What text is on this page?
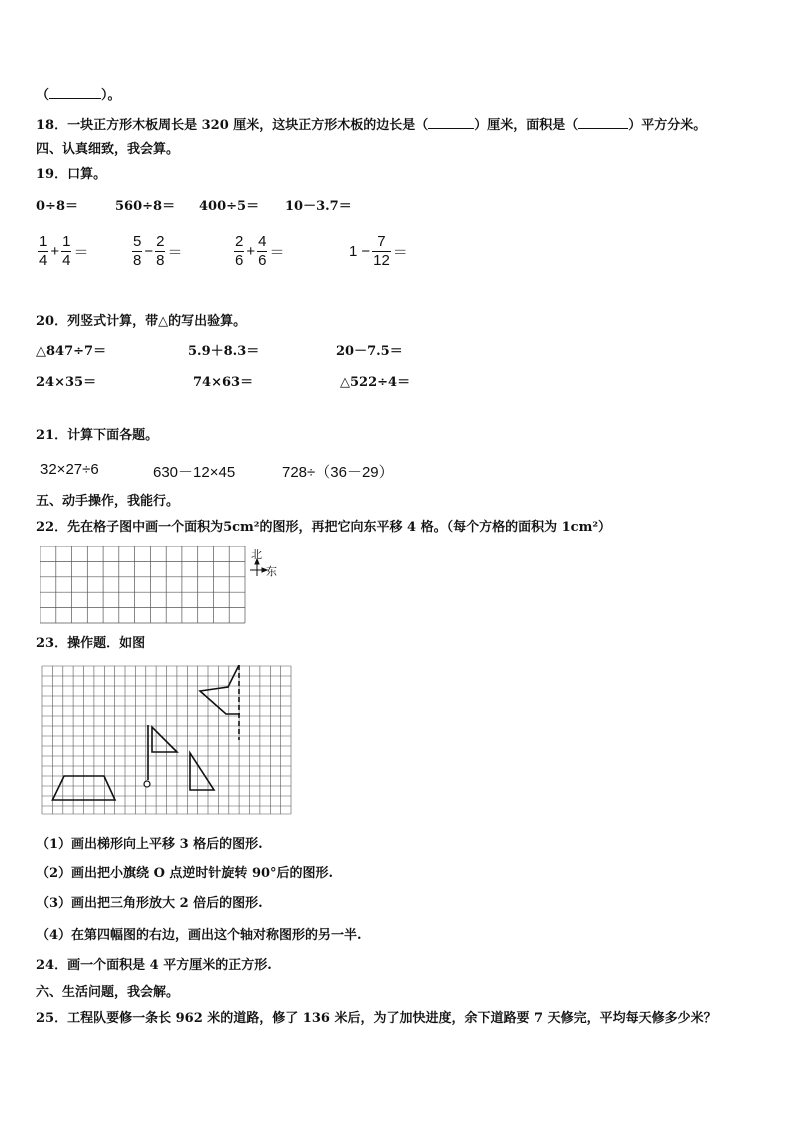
（	）。
18．一块正方形木板周长是 320 厘米，这块正方形木板的边长是（	）厘米，面积是（	）平方分米。
四、认真细致，我会算。
19．口算。
0÷8＝	560÷8＝ 400÷5＝ 10－3.7＝
$\frac{1}{4} + \frac{1}{4}$ ＝	$\frac{5}{8} - \frac{2}{8}$ ＝	$\frac{2}{6} + \frac{4}{6}$ ＝	$1 - \frac{7}{12}$ ＝
20．列竖式计算，带△的写出验算。
△847÷7＝	5.9＋8.3＝	20－7.5＝
24×35＝	74×63＝	△522÷4＝
21．计算下面各题。
32×27÷6	630－12×45	728÷（36－29）
五、动手操作，我能行。
22．先在格子图中画一个面积为5cm²的图形，再把它向东平移 4 格。（每个方格的面积为 1cm²）
北
东
23．操作题．如图
（1）画出梯形向上平移 3 格后的图形.
（2）画出把小旗绕 O 点逆时针旋转 90°后的图形.
（3）画出把三角形放大 2 倍后的图形.
（4）在第四幅图的右边，画出这个轴对称图形的另一半.
24．画一个面积是 4 平方厘米的正方形.
六、生活问题，我会解。
25．工程队要修一条长 962 米的道路，修了 136 米后，为了加快进度，余下道路要 7 天修完，平均每天修多少米？
